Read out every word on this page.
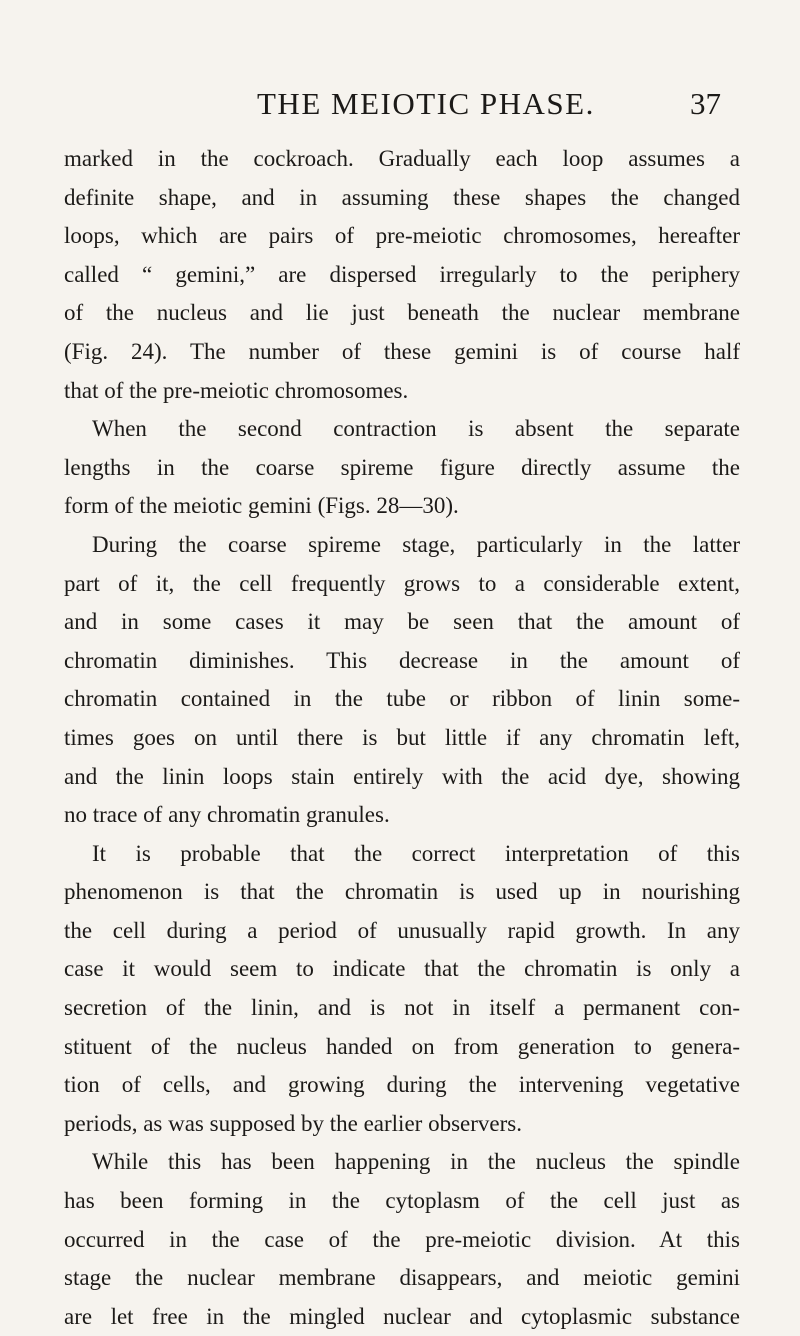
THE MEIOTIC PHASE.	37
marked in the cockroach. Gradually each loop assumes a
definite shape, and in assuming these shapes the changed
loops, which are pairs of pre-meiotic chromosomes, hereafter
called “ gemini,” are dispersed irregularly to the periphery
of the nucleus and lie just beneath the nuclear membrane
(Fig. 24). The number of these gemini is of course half
that of the pre-meiotic chromosomes.
When the second contraction is absent the separate
lengths in the coarse spireme figure directly assume the
form of the meiotic gemini (Figs. 28—30).
During the coarse spireme stage, particularly in the latter
part of it, the cell frequently grows to a considerable extent,
and in some cases it may be seen that the amount of
chromatin diminishes. This decrease in the amount of
chromatin contained in the tube or ribbon of linin some-
times goes on until there is but little if any chromatin left,
and the linin loops stain entirely with the acid dye, showing
no trace of any chromatin granules.
It is probable that the correct interpretation of this
phenomenon is that the chromatin is used up in nourishing
the cell during a period of unusually rapid growth. In any
case it would seem to indicate that the chromatin is only a
secretion of the linin, and is not in itself a permanent con-
stituent of the nucleus handed on from generation to genera-
tion of cells, and growing during the intervening vegetative
periods, as was supposed by the earlier observers.
While this has been happening in the nucleus the spindle
has been forming in the cytoplasm of the cell just as
occurred in the case of the pre-meiotic division. At this
stage the nuclear membrane disappears, and meiotic gemini
are let free in the mingled nuclear and cytoplasmic substance
